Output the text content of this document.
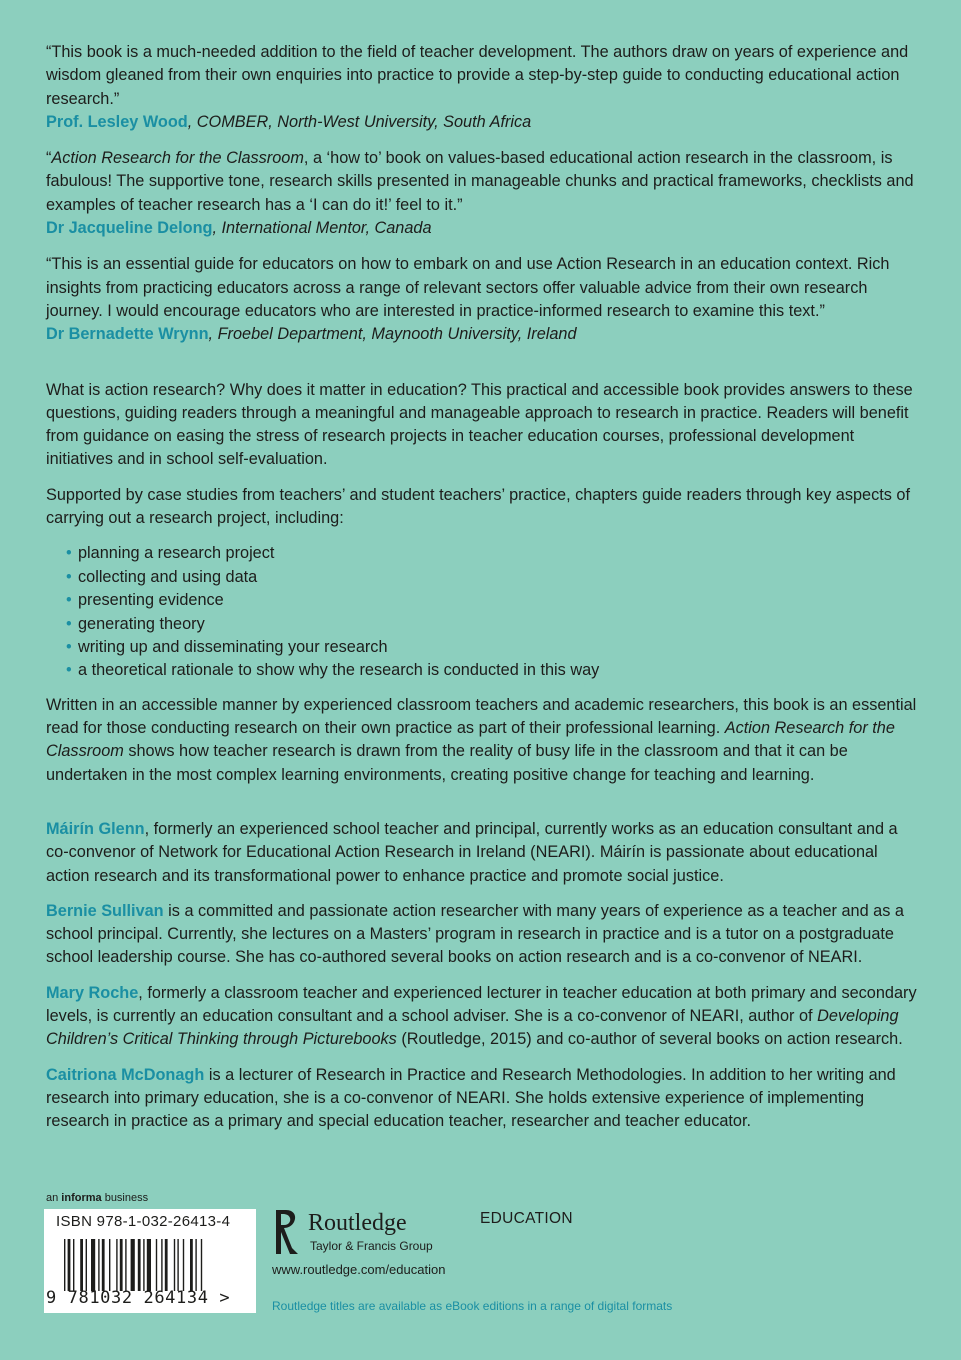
“This book is a much-needed addition to the field of teacher development. The authors draw on years of experience and wisdom gleaned from their own enquiries into practice to provide a step-by-step guide to conducting educational action research.”

Prof. Lesley Wood, COMBER, North-West University, South Africa

“Action Research for the Classroom, a ‘how to’ book on values-based educational action research in the classroom, is fabulous! The supportive tone, research skills presented in manageable chunks and practical frameworks, checklists and examples of teacher research has a ‘I can do it!’ feel to it.”

Dr Jacqueline Delong, International Mentor, Canada

“This is an essential guide for educators on how to embark on and use Action Research in an education context. Rich insights from practicing educators across a range of relevant sectors offer valuable advice from their own research journey. I would encourage educators who are interested in practice-informed research to examine this text.”

Dr Bernadette Wrynn, Froebel Department, Maynooth University, Ireland

What is action research? Why does it matter in education? This practical and accessible book provides answers to these questions, guiding readers through a meaningful and manageable approach to research in practice. Readers will benefit from guidance on easing the stress of research projects in teacher education courses, professional development initiatives and in school self-evaluation.

Supported by case studies from teachers’ and student teachers’ practice, chapters guide readers through key aspects of carrying out a research project, including:

• planning a research project
• collecting and using data
• presenting evidence
• generating theory
• writing up and disseminating your research
• a theoretical rationale to show why the research is conducted in this way

Written in an accessible manner by experienced classroom teachers and academic researchers, this book is an essential read for those conducting research on their own practice as part of their professional learning. Action Research for the Classroom shows how teacher research is drawn from the reality of busy life in the classroom and that it can be undertaken in the most complex learning environments, creating positive change for teaching and learning.

Máirín Glenn, formerly an experienced school teacher and principal, currently works as an education consultant and a co-convenor of Network for Educational Action Research in Ireland (NEARI). Máirín is passionate about educational action research and its transformational power to enhance practice and promote social justice.

Bernie Sullivan is a committed and passionate action researcher with many years of experience as a teacher and as a school principal. Currently, she lectures on a Masters’ program in research in practice and is a tutor on a postgraduate school leadership course. She has co-authored several books on action research and is a co-convenor of NEARI.

Mary Roche, formerly a classroom teacher and experienced lecturer in teacher education at both primary and secondary levels, is currently an education consultant and a school adviser. She is a co-convenor of NEARI, author of Developing Children’s Critical Thinking through Picturebooks (Routledge, 2015) and co-author of several books on action research.

Caitriona McDonagh is a lecturer of Research in Practice and Research Methodologies. In addition to her writing and research into primary education, she is a co-convenor of NEARI. She holds extensive experience of implementing research in practice as a primary and special education teacher, researcher and teacher educator.

an informa business
ISBN 978-1-032-26413-4
9 781032 264134 >
Routledge
Taylor & Francis Group
www.routledge.com/education
EDUCATION
Routledge titles are available as eBook editions in a range of digital formats
